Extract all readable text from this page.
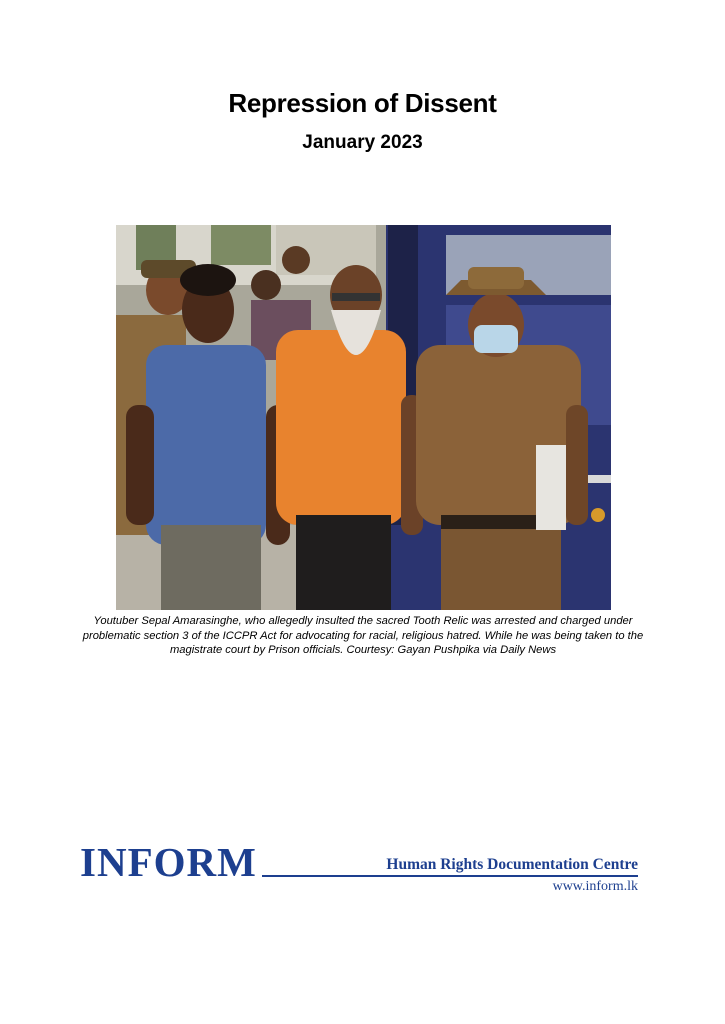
Repression of Dissent
January 2023
Youtuber Sepal Amarasinghe, who allegedly insulted the sacred Tooth Relic was arrested and charged under problematic section 3 of the ICCPR Act for advocating for racial, religious hatred. While he was being taken to the magistrate court by Prison officials. Courtesy: Gayan Pushpika via Daily News
INFORM	Human Rights Documentation Centre
www.inform.lk
